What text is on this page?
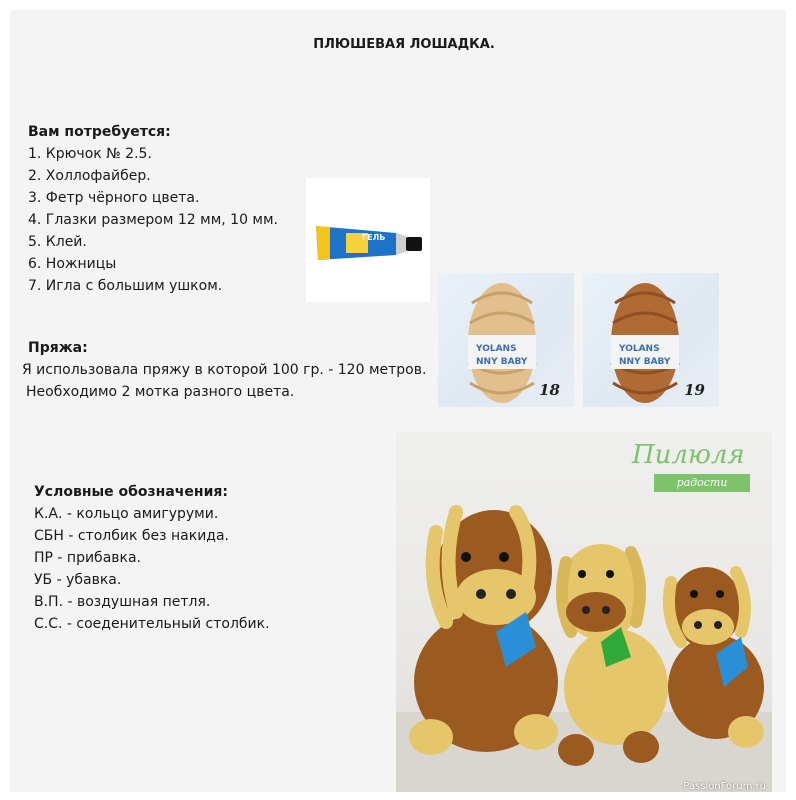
ПЛЮШЕВАЯ ЛОШАДКА.
Вам потребуется:
1. Крючок № 2.5.
2. Холлофайбер.
3. Фетр чёрного цвета.
4. Глазки размером 12 мм, 10 мм.
5. Клей.
6. Ножницы
7. Игла с большим ушком.
ГЕЛЬ
Пряжа:
Я использовала пряжу в которой 100 гр. - 120 метров.
Необходимо 2 мотка разного цвета.
YOLANS
NNY BABY
18
YOLANS
NNY BABY
19
Условные обозначения:
К.А. - кольцо амигуруми.
СБН - столбик без накида.
ПР - прибавка.
УБ - убавка.
В.П. - воздушная петля.
С.С. - соеденительный столбик.
Пилюля
радости
PassionForum.ru
